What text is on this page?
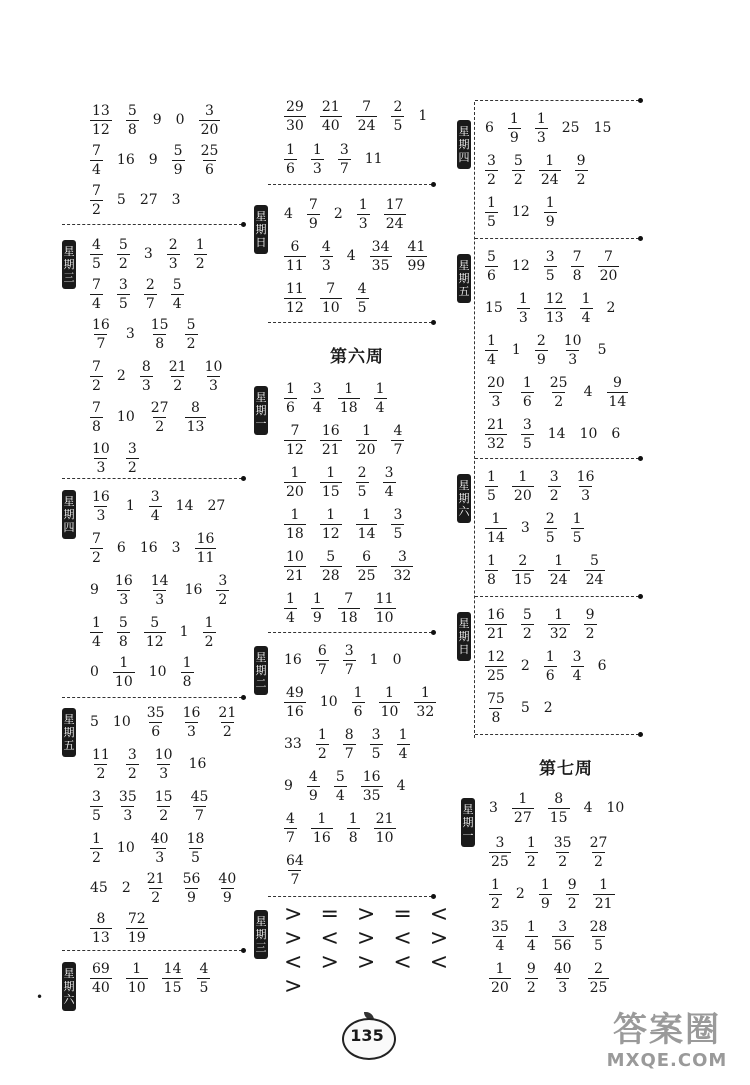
$\frac{13}{12} \frac{5}{8} 9$ $0 \frac{3}{20}$
$\frac{7}{4} 16$ $9 \frac{5}{9} \frac{25}{6}$
$\frac{7}{2} 5$ 27 3
星
期
三
$\frac{4}{5} \frac{5}{2} 3 \frac{2}{3} \frac{1}{2}$
$\frac{7}{4} \frac{3}{5} \frac{2}{7} \frac{5}{4}$
$\frac{16}{7} 3 \frac{15}{8} \frac{5}{2}$
$\frac{7}{2} 2 \frac{8}{3} \frac{21}{2} \frac{10}{3}$
$\frac{7}{8} 10 \frac{27}{2} \frac{8}{13}$
$\frac{10}{3} \frac{3}{2}$
星
期
四
$\frac{16}{3} 1 \frac{3}{4} 14$ 27
$\frac{7}{2} 6$ 16 $3 \frac{16}{11}$
$9 \frac{16}{3} \frac{14}{3} 16 \frac{3}{2}$
$\frac{1}{4} \frac{5}{8} \frac{5}{12} 1 \frac{1}{2}$
$0 \frac{1}{10} 10 \frac{1}{8}$
星
期
五
5 $10 \frac{35}{6} \frac{16}{3} \frac{21}{2}$
$\frac{11}{2} \frac{3}{2} \frac{10}{3} 16$
$\frac{3}{5} \frac{35}{3} \frac{15}{2} \frac{45}{7}$
$\frac{1}{2} 10 \frac{40}{3} \frac{18}{5}$
45 $2 \frac{21}{2} \frac{56}{9} \frac{40}{9}$
$\frac{8}{13} \frac{72}{19}$
星
期
六
$\frac{69}{40} \frac{1}{10} \frac{14}{15} \frac{4}{5}$
•
$\frac{29}{30} \frac{21}{40} \frac{7}{24} \frac{2}{5} 1$
$\frac{1}{6} \frac{1}{3} \frac{3}{7} 11$
星
期
日
$4 \frac{7}{9} 2 \frac{1}{3} \frac{17}{24}$
$\frac{6}{11} \frac{4}{3} 4 \frac{34}{35} \frac{41}{99}$
$\frac{11}{12} \frac{7}{10} \frac{4}{5}$
第六周
星
期
一
$\frac{1}{6} \frac{3}{4} \frac{1}{18} \frac{1}{4}$
$\frac{7}{12} \frac{16}{21} \frac{1}{20} \frac{4}{7}$
$\frac{1}{20} \frac{1}{15} \frac{2}{5} \frac{3}{4}$
$\frac{1}{18} \frac{1}{12} \frac{1}{14} \frac{3}{5}$
$\frac{10}{21} \frac{5}{28} \frac{6}{25} \frac{3}{32}$
$\frac{1}{4} \frac{1}{9} \frac{7}{18} \frac{11}{10}$
星
期
二
$16 \frac{6}{7} \frac{3}{7} 1$ 0
$\frac{49}{16} 10 \frac{1}{6} \frac{1}{10} \frac{1}{32}$
$33 \frac{1}{2} \frac{8}{7} \frac{3}{5} \frac{1}{4}$
$9 \frac{4}{9} \frac{5}{4} \frac{16}{35} 4$
$\frac{4}{7} \frac{1}{16} \frac{1}{8} \frac{21}{10}$
$\frac{64}{7}$
星
期
三
> = > = <
> < > < >
< > > < <
>
星
期
四
$6 \frac{1}{9} \frac{1}{3} 25$ 15
$\frac{3}{2} \frac{5}{2} \frac{1}{24} \frac{9}{2}$
$\frac{1}{5} 12 \frac{1}{9}$
星
期
五
$\frac{5}{6} 12 \frac{3}{5} \frac{7}{8} \frac{7}{20}$
$15 \frac{1}{3} \frac{12}{13} \frac{1}{4} 2$
$\frac{1}{4} 1 \frac{2}{9} \frac{10}{3} 5$
$\frac{20}{3} \frac{1}{6} \frac{25}{2} 4 \frac{9}{14}$
$\frac{21}{32} \frac{3}{5} 14$ 10 6
星
期
六
$\frac{1}{5} \frac{1}{20} \frac{3}{2} \frac{16}{3}$
$\frac{1}{14} 3 \frac{2}{5} \frac{1}{5}$
$\frac{1}{8} \frac{2}{15} \frac{1}{24} \frac{5}{24}$
星
期
日
$\frac{16}{21} \frac{5}{2} \frac{1}{32} \frac{9}{2}$
$\frac{12}{25} 2 \frac{1}{6} \frac{3}{4} 6$
$\frac{75}{8} 5$ 2
第七周
星
期
一
$3 \frac{1}{27} \frac{8}{15} 4$ 10
$\frac{3}{25} \frac{1}{2} \frac{35}{2} \frac{27}{2}$
$\frac{1}{2} 2 \frac{1}{9} \frac{9}{2} \frac{1}{21}$
$\frac{35}{4} \frac{1}{4} \frac{3}{56} \frac{28}{5}$
$\frac{1}{20} \frac{9}{2} \frac{40}{3} \frac{2}{25}$
135	答案圈
MXQE.COM
